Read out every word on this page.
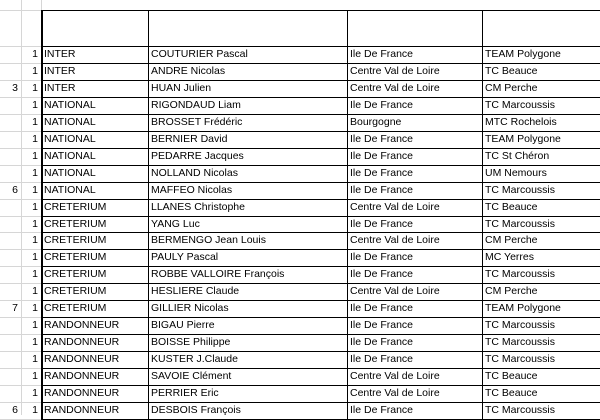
1 INTER	COUTURIER Pascal	Ile De France	TEAM Polygone
1 INTER	ANDRE Nicolas	Centre Val de Loire	TC Beauce
3	1 INTER	HUAN Julien	Centre Val de Loire	CM Perche
1 NATIONAL	RIGONDAUD Liam	Ile De France	TC Marcoussis
1 NATIONAL	BROSSET Frédéric	Bourgogne	MTC Rochelois
1 NATIONAL	BERNIER David	Ile De France	TEAM Polygone
1 NATIONAL	PEDARRE Jacques	Ile De France	TC St Chéron
1 NATIONAL	NOLLAND Nicolas	Ile De France	UM Nemours
6	1 NATIONAL	MAFFEO Nicolas	Ile De France	TC Marcoussis
1 CRETERIUM	LLANES Christophe	Centre Val de Loire	TC Beauce
1 CRETERIUM	YANG Luc	Ile De France	TC Marcoussis
1 CRETERIUM	BERMENGO Jean Louis	Centre Val de Loire	CM Perche
1 CRETERIUM	PAULY Pascal	Ile De France	MC Yerres
1 CRETERIUM	ROBBE VALLOIRE François	Ile De France	TC Marcoussis
1 CRETERIUM	HESLIERE Claude	Centre Val de Loire	CM Perche
7	1 CRETERIUM	GILLIER Nicolas	Ile De France	TEAM Polygone
1 RANDONNEUR	BIGAU Pierre	Ile De France	TC Marcoussis
1 RANDONNEUR	BOISSE Philippe	Ile De France	TC Marcoussis
1 RANDONNEUR	KUSTER J.Claude	Ile De France	TC Marcoussis
1 RANDONNEUR	SAVOIE Clément	Centre Val de Loire	TC Beauce
1 RANDONNEUR	PERRIER Eric	Centre Val de Loire	TC Beauce
6	1 RANDONNEUR	DESBOIS François	Ile De France	TC Marcoussis
